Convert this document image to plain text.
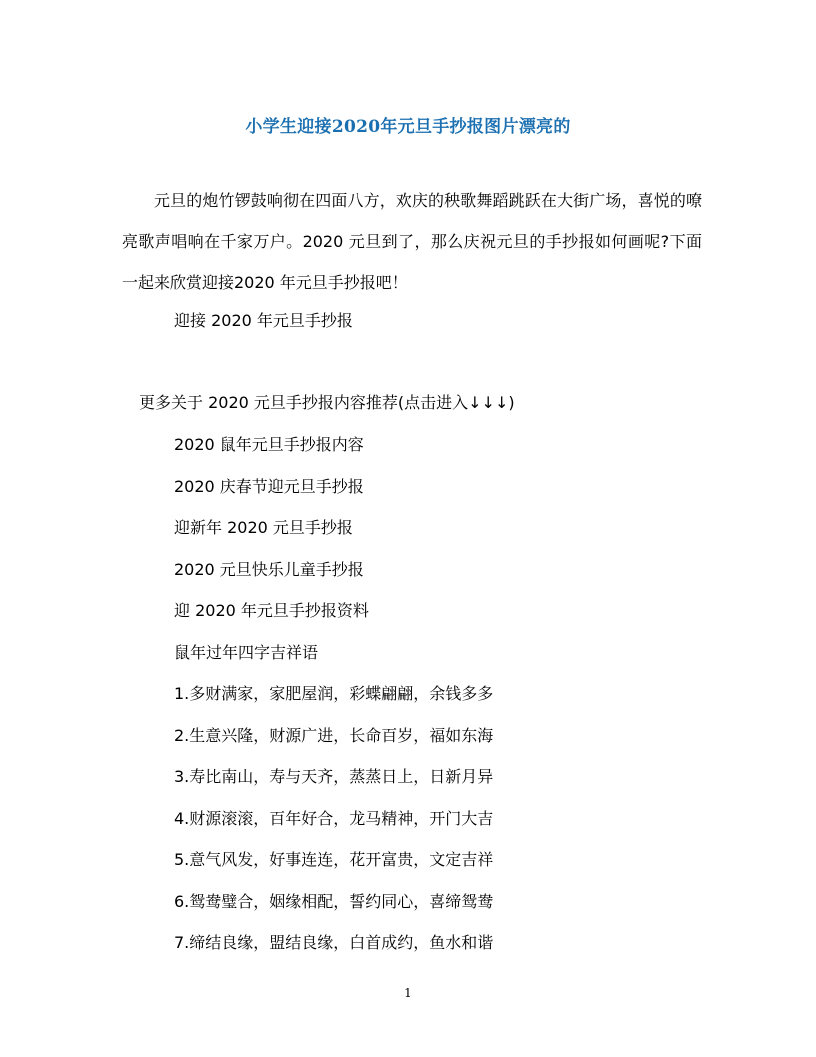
小学生迎接2020年元旦手抄报图片漂亮的
元旦的炮竹锣鼓响彻在四面八方，欢庆的秧歌舞蹈跳跃在大街广场，喜悦的嘹亮歌声唱响在千家万户。2020 元旦到了，那么庆祝元旦的手抄报如何画呢?下面一起来欣赏迎接2020 年元旦手抄报吧！
迎接 2020 年元旦手抄报
更多关于 2020 元旦手抄报内容推荐(点击进入↓↓↓)
2020 鼠年元旦手抄报内容
2020 庆春节迎元旦手抄报
迎新年 2020 元旦手抄报
2020 元旦快乐儿童手抄报
迎 2020 年元旦手抄报资料
鼠年过年四字吉祥语
1.多财满家，家肥屋润，彩蝶翩翩，余钱多多
2.生意兴隆，财源广进，长命百岁，福如东海
3.寿比南山，寿与天齐，蒸蒸日上，日新月异
4.财源滚滚，百年好合，龙马精神，开门大吉
5.意气风发，好事连连，花开富贵，文定吉祥
6.鸳鸯璧合，姻缘相配，誓约同心，喜缔鸳鸯
7.缔结良缘，盟结良缘，白首成约，鱼水和谐
1
